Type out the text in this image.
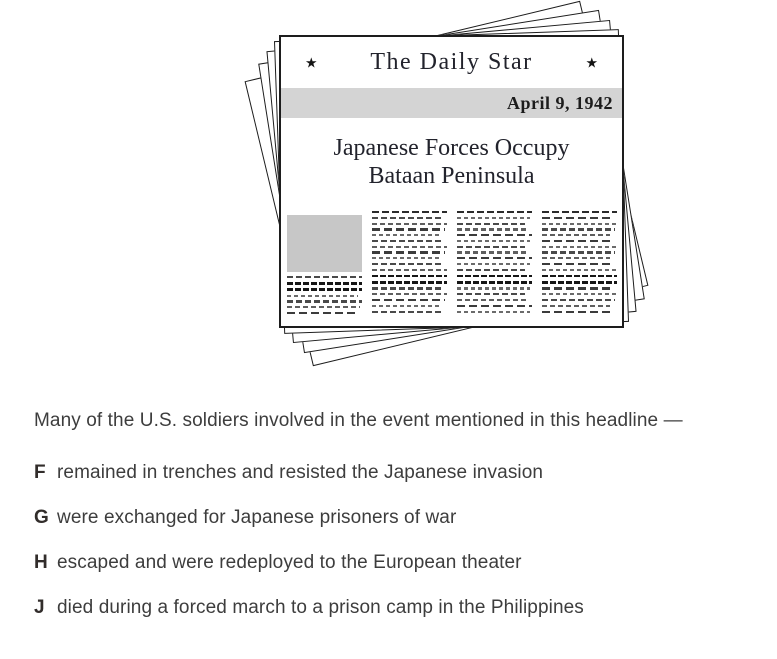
★ The Daily Star	★
April 9, 1942
Japanese Forces Occupy
Bataan Peninsula

Many of the U.S. soldiers involved in the event mentioned in this headline —

F remained in trenches and resisted the Japanese invasion
G were exchanged for Japanese prisoners of war
H escaped and were redeployed to the European theater
J died during a forced march to a prison camp in the Philippines
